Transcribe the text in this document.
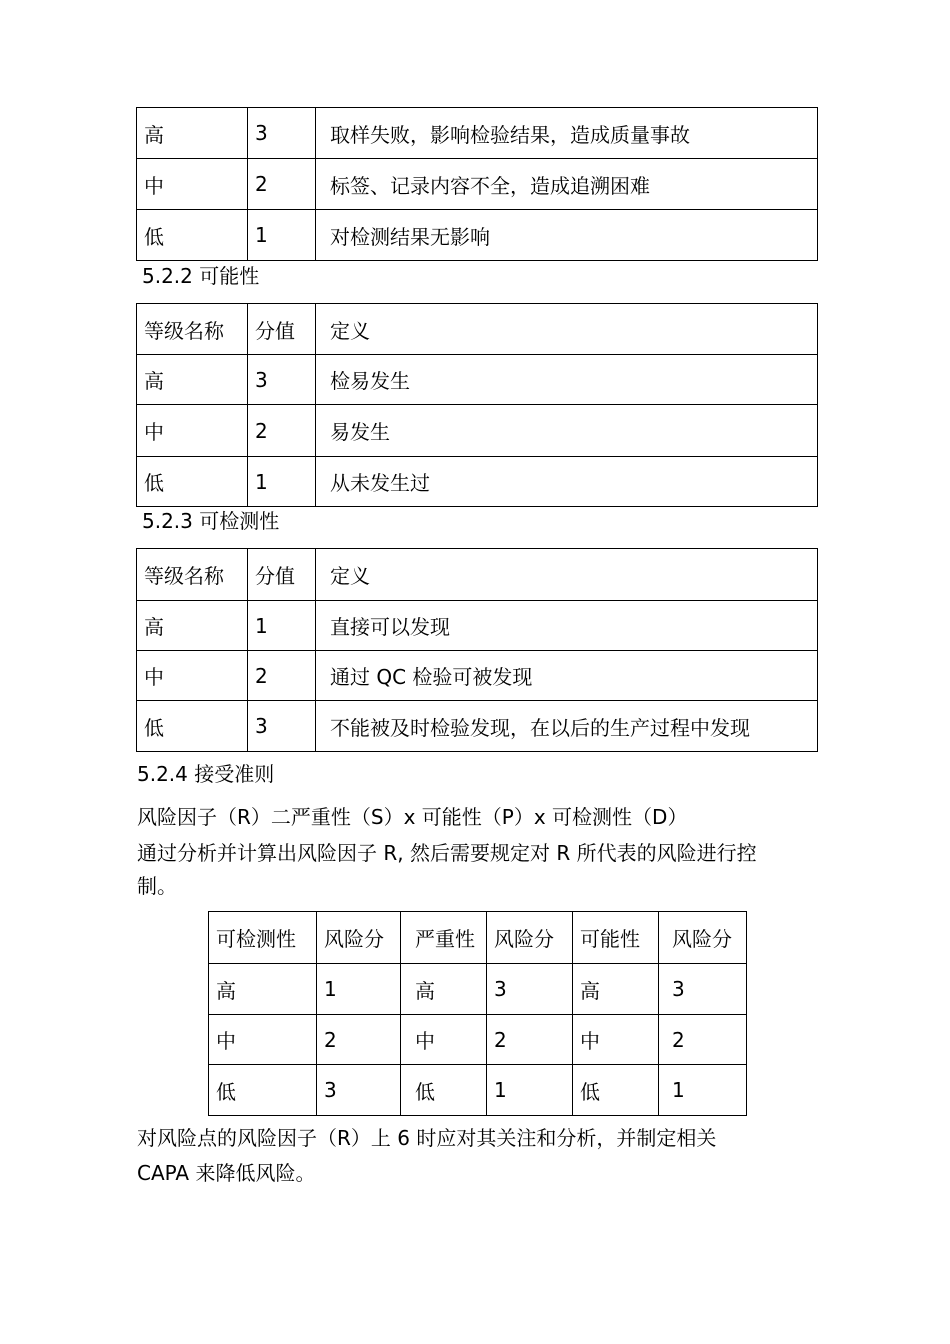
高	3	取样失败，影响检验结果，造成质量事故
中	2	标签、记录内容不全，造成追溯困难
低	1	对检测结果无影响
5.2.2 可能性
等级名称	分值	定义
高	3	检易发生
中	2	易发生
低	1	从未发生过
5.2.3 可检测性
等级名称	分值	定义
高	1	直接可以发现
中	2	通过 QC 检验可被发现
低	3	不能被及时检验发现，在以后的生产过程中发现
5.2.4 接受准则
风险因子（R）二严重性（S）x 可能性（P）x 可检测性（D）
通过分析并计算出风险因子 R, 然后需要规定对 R 所代表的风险进行控
制。
可检测性	风险分	严重性	风险分	可能性	风险分
高	1	高	3	高	3
中	2	中	2	中	2
低	3	低	1	低	1
对风险点的风险因子（R）上 6 时应对其关注和分析，并制定相关
CAPA 来降低风险。
